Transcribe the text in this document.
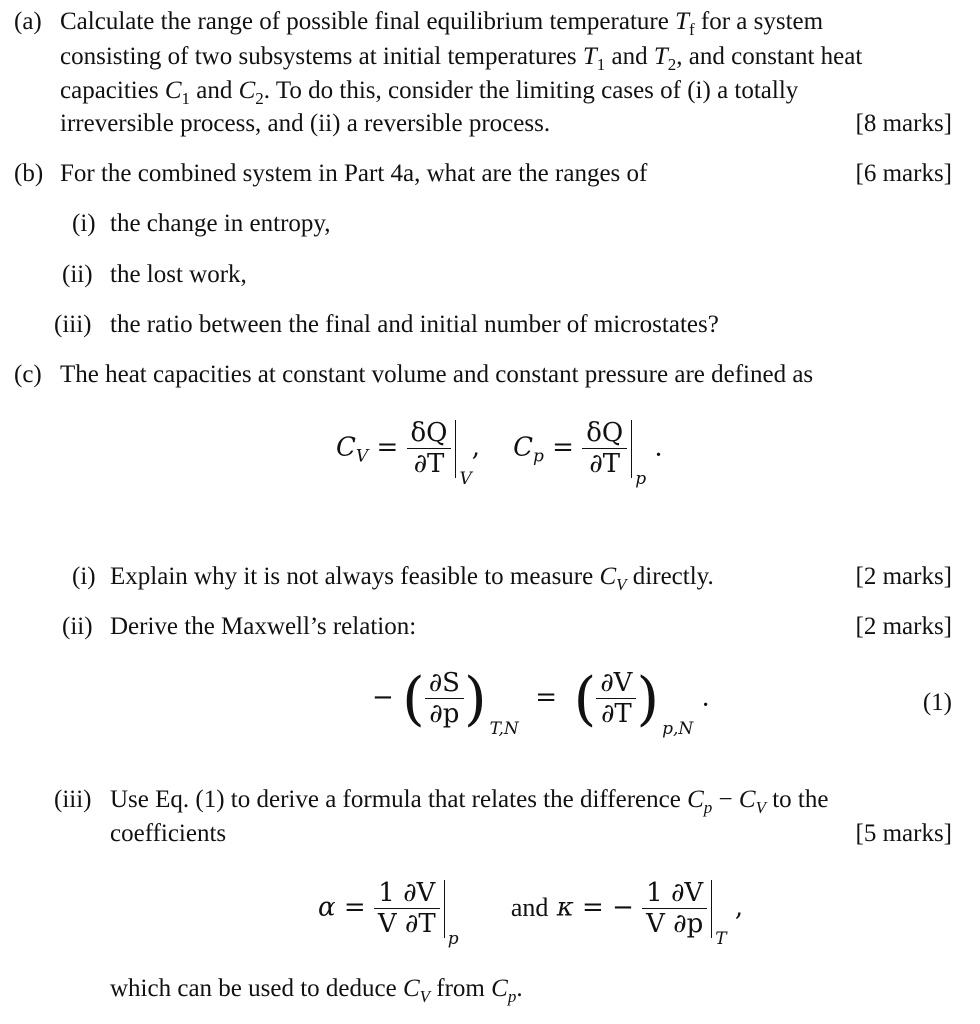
(a) Calculate the range of possible final equilibrium temperature $T_f$ for a system
consisting of two subsystems at initial temperatures $T_1$ and $T_2$, and constant heat
capacities $C_1$ and $C_2$. To do this, consider the limiting cases of (i) a totally
irreversible process, and (ii) a reversible process.	[8 marks]
(b) For the combined system in Part 4a, what are the ranges of	[6 marks]
(i) the change in entropy,
(ii) the lost work,
(iii) the ratio between the final and initial number of microstates?
(c) The heat capacities at constant volume and constant pressure are defined as
$C_V = \frac{\delta Q}{\partial T} _V$,    $C_p = \frac{\delta Q}{\partial T} _p$ .
(i) Explain why it is not always feasible to measure $C_V$ directly.	[2 marks]
(ii) Derive the Maxwell’s relation:	[2 marks]
− ( $\frac{\partial S}{\partial p}$ ) $_{T,N}$  =  ( $\frac{\partial V}{\partial T}$ ) $_{p,N}$ .	(1)
(iii) Use Eq. (1) to derive a formula that relates the difference $C_p - C_V$ to the
coefficients	[5 marks]
$\alpha = \frac{1 \partial V}{V \partial T} _p$ and κ = − $\frac{1 \partial V}{V \partial p} _T$ ,
which can be used to deduce $C_V$ from $C_p$.
